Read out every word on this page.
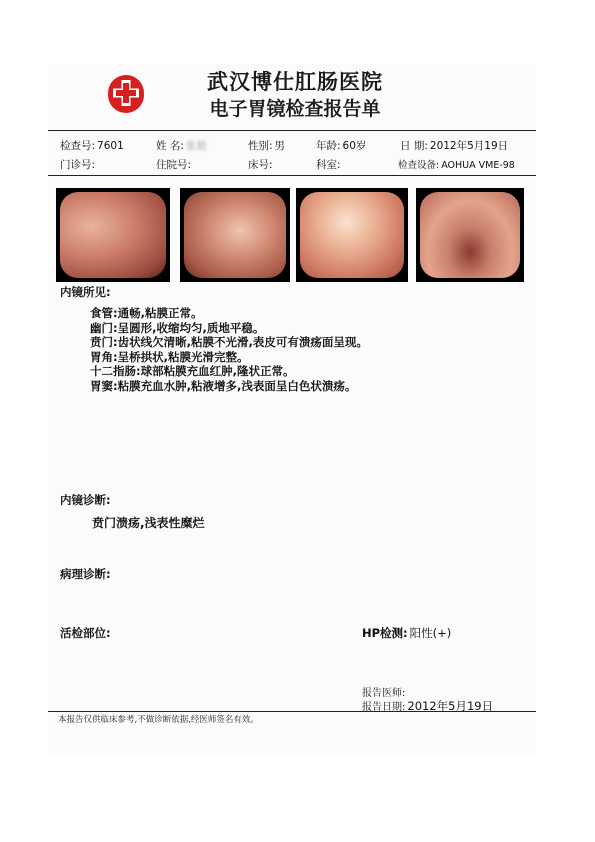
武汉博仕肛肠医院
电子胃镜检查报告单
检查号: 7601	姓 名: 张艳	性别: 男	年龄: 60岁	日 期: 2012年5月19日
门诊号:	住院号:	床号:	科室:	检查设备: AOHUA VME-98
内镜所见:
食管:通畅,粘膜正常。
幽门:呈圆形,收缩均匀,质地平稳。
贲门:齿状线欠清晰,粘膜不光滑,表皮可有溃疡面呈现。
胃角:呈桥拱状,粘膜光滑完整。
十二指肠:球部粘膜充血红肿,隆状正常。
胃窦:粘膜充血水肿,粘液增多,浅表面呈白色状溃疡。
内镜诊断:
贲门溃疡,浅表性糜烂
病理诊断:
活检部位:	HP检测: 阳性(+)
报告医师:
报告日期: 2012年5月19日
本报告仅供临床参考,不做诊断依据,经医师签名有效。
